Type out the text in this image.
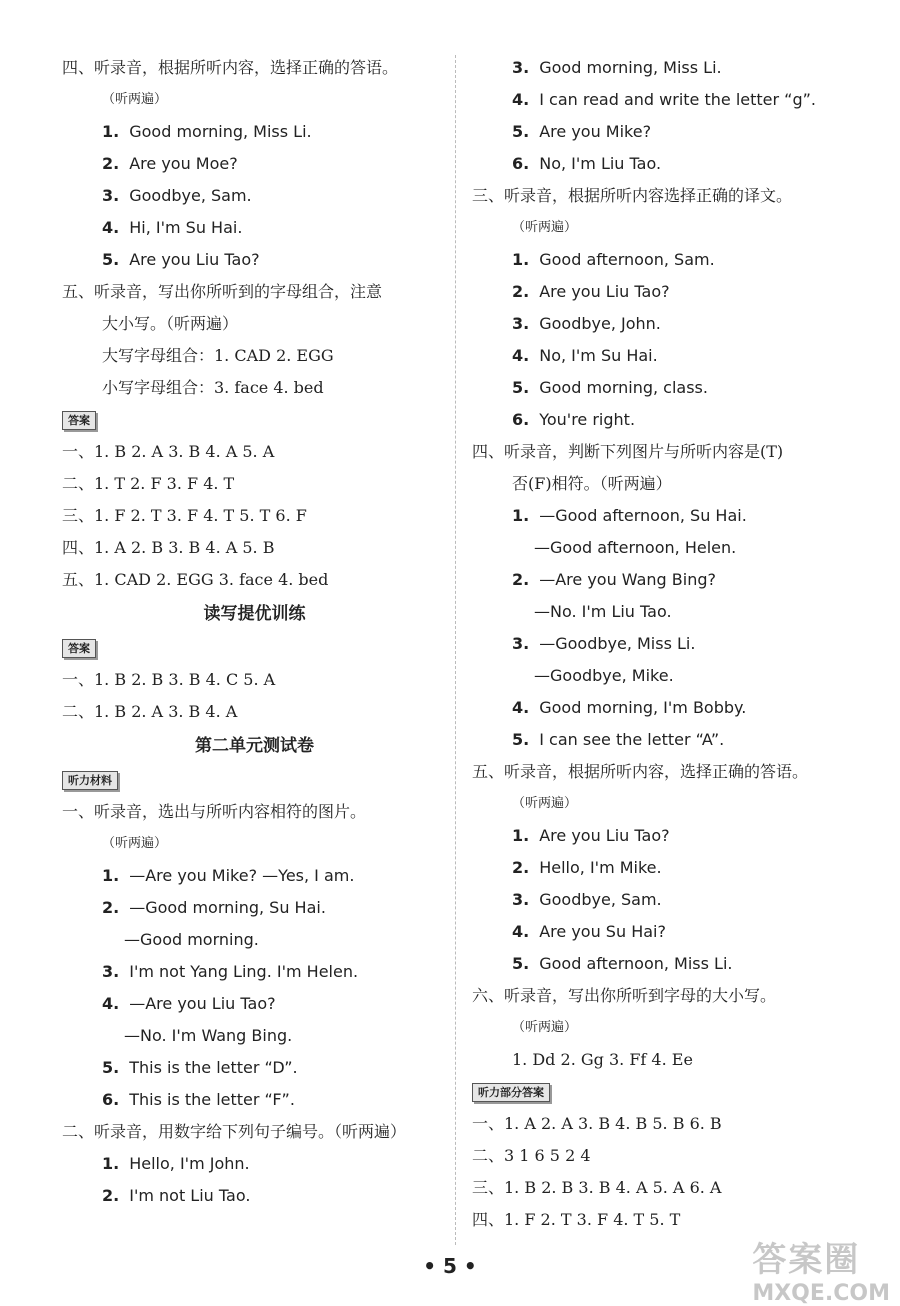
四、听录音，根据所听内容，选择正确的答语。
（听两遍）
1. Good morning, Miss Li.
2. Are you Moe?
3. Goodbye, Sam.
4. Hi, I'm Su Hai.
5. Are you Liu Tao?
五、听录音，写出你所听到的字母组合，注意
大小写。（听两遍）
大写字母组合：1. CAD 2. EGG
小写字母组合：3. face 4. bed
答案
一、1. B 2. A 3. B 4. A 5. A
二、1. T 2. F 3. F 4. T
三、1. F 2. T 3. F 4. T 5. T 6. F
四、1. A 2. B 3. B 4. A 5. B
五、1. CAD 2. EGG 3. face 4. bed
读写提优训练
答案
一、1. B 2. B 3. B 4. C 5. A
二、1. B 2. A 3. B 4. A
第二单元测试卷
听力材料
一、听录音，选出与所听内容相符的图片。
（听两遍）
1. —Are you Mike? —Yes, I am.
2. —Good morning, Su Hai.
—Good morning.
3. I'm not Yang Ling. I'm Helen.
4. —Are you Liu Tao?
—No. I'm Wang Bing.
5. This is the letter “D”.
6. This is the letter “F”.
二、听录音，用数字给下列句子编号。（听两遍）
1. Hello, I'm John.
2. I'm not Liu Tao.
3. Good morning, Miss Li.
4. I can read and write the letter “g”.
5. Are you Mike?
6. No, I'm Liu Tao.
三、听录音，根据所听内容选择正确的译文。
（听两遍）
1. Good afternoon, Sam.
2. Are you Liu Tao?
3. Goodbye, John.
4. No, I'm Su Hai.
5. Good morning, class.
6. You're right.
四、听录音，判断下列图片与所听内容是(T)
否(F)相符。（听两遍）
1. —Good afternoon, Su Hai.
—Good afternoon, Helen.
2. —Are you Wang Bing?
—No. I'm Liu Tao.
3. —Goodbye, Miss Li.
—Goodbye, Mike.
4. Good morning, I'm Bobby.
5. I can see the letter “A”.
五、听录音，根据所听内容，选择正确的答语。
（听两遍）
1. Are you Liu Tao?
2. Hello, I'm Mike.
3. Goodbye, Sam.
4. Are you Su Hai?
5. Good afternoon, Miss Li.
六、听录音，写出你所听到字母的大小写。
（听两遍）
1. Dd 2. Gg 3. Ff 4. Ee
听力部分答案
一、1. A 2. A 3. B 4. B 5. B 6. B
二、3 1 6 5 2 4
三、1. B 2. B 3. B 4. A 5. A 6. A
四、1. F 2. T 3. F 4. T 5. T
• 5 •	答案圈
MXQE.COM
